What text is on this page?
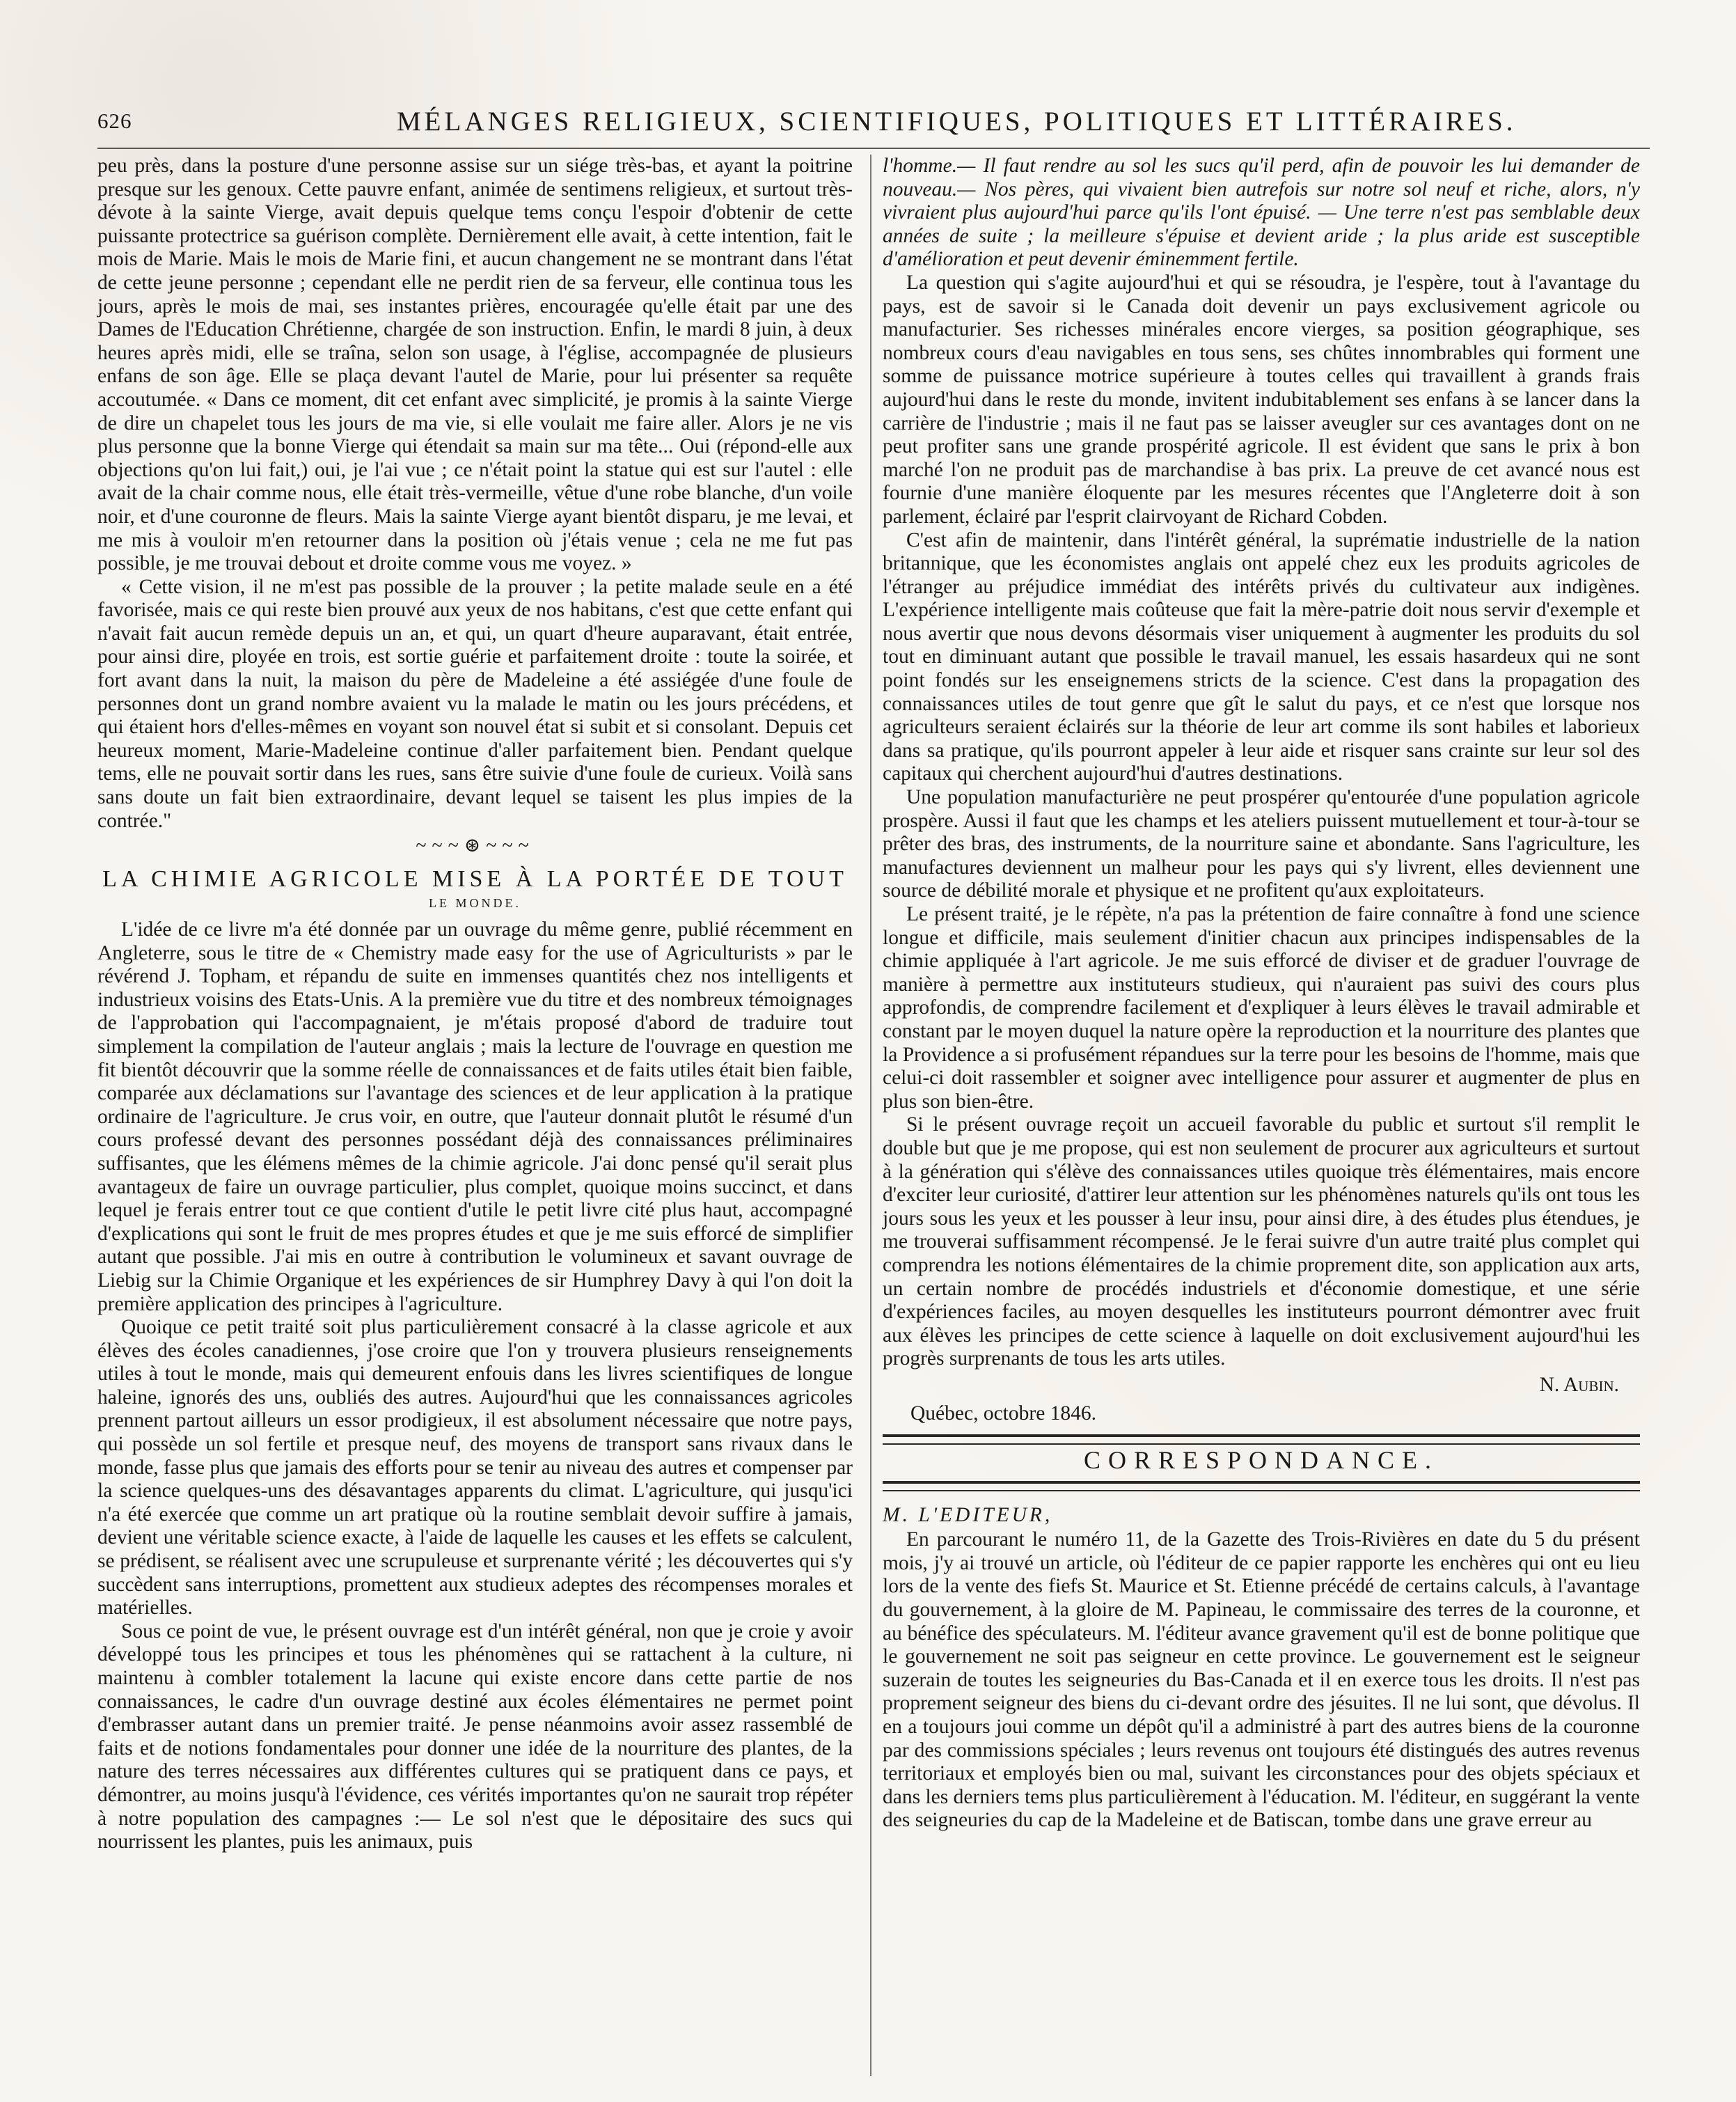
626	MÉLANGES RELIGIEUX, SCIENTIFIQUES, POLITIQUES ET LITTÉRAIRES.

peu près, dans la posture d'une personne assise sur un siége très-bas, et ayant la poitrine presque sur les genoux. Cette pauvre enfant, animée de sentimens religieux, et surtout très-dévote à la sainte Vierge, avait depuis quelque tems conçu l'espoir d'obtenir de cette puissante protectrice sa guérison complète. Dernièrement elle avait, à cette intention, fait le mois de Marie. Mais le mois de Marie fini, et aucun changement ne se montrant dans l'état de cette jeune personne ; cependant elle ne perdit rien de sa ferveur, elle continua tous les jours, après le mois de mai, ses instantes prières, encouragée qu'elle était par une des Dames de l'Education Chrétienne, chargée de son instruction. Enfin, le mardi 8 juin, à deux heures après midi, elle se traîna, selon son usage, à l'église, accompagnée de plusieurs enfans de son âge. Elle se plaça devant l'autel de Marie, pour lui présenter sa requête accoutumée. « Dans ce moment, dit cet enfant avec simplicité, je promis à la sainte Vierge de dire un chapelet tous les jours de ma vie, si elle voulait me faire aller. Alors je ne vis plus personne que la bonne Vierge qui étendait sa main sur ma tête... Oui (répond-elle aux objections qu'on lui fait,) oui, je l'ai vue ; ce n'était point la statue qui est sur l'autel : elle avait de la chair comme nous, elle était très-vermeille, vêtue d'une robe blanche, d'un voile noir, et d'une couronne de fleurs. Mais la sainte Vierge ayant bientôt disparu, je me levai, et me mis à vouloir m'en retourner dans la position où j'étais venue ; cela ne me fut pas possible, je me trouvai debout et droite comme vous me voyez. »

« Cette vision, il ne m'est pas possible de la prouver ; la petite malade seule en a été favorisée, mais ce qui reste bien prouvé aux yeux de nos habitans, c'est que cette enfant qui n'avait fait aucun remède depuis un an, et qui, un quart d'heure auparavant, était entrée, pour ainsi dire, ployée en trois, est sortie guérie et parfaitement droite : toute la soirée, et fort avant dans la nuit, la maison du père de Madeleine a été assiégée d'une foule de personnes dont un grand nombre avaient vu la malade le matin ou les jours précédens, et qui étaient hors d'elles-mêmes en voyant son nouvel état si subit et si consolant. Depuis cet heureux moment, Marie-Madeleine continue d'aller parfaitement bien. Pendant quelque tems, elle ne pouvait sortir dans les rues, sans être suivie d'une foule de curieux. Voilà sans sans doute un fait bien extraordinaire, devant lequel se taisent les plus impies de la contrée."

~~~⊛~~~
LA CHIMIE AGRICOLE MISE À LA PORTÉE DE TOUT
LE MONDE.

L'idée de ce livre m'a été donnée par un ouvrage du même genre, publié récemment en Angleterre, sous le titre de « Chemistry made easy for the use of Agriculturists » par le révérend J. Topham, et répandu de suite en immenses quantités chez nos intelligents et industrieux voisins des Etats-Unis. A la première vue du titre et des nombreux témoignages de l'approbation qui l'accompagnaient, je m'étais proposé d'abord de traduire tout simplement la compilation de l'auteur anglais ; mais la lecture de l'ouvrage en question me fit bientôt découvrir que la somme réelle de connaissances et de faits utiles était bien faible, comparée aux déclamations sur l'avantage des sciences et de leur application à la pratique ordinaire de l'agriculture. Je crus voir, en outre, que l'auteur donnait plutôt le résumé d'un cours professé devant des personnes possédant déjà des connaissances préliminaires suffisantes, que les élémens mêmes de la chimie agricole. J'ai donc pensé qu'il serait plus avantageux de faire un ouvrage particulier, plus complet, quoique moins succinct, et dans lequel je ferais entrer tout ce que contient d'utile le petit livre cité plus haut, accompagné d'explications qui sont le fruit de mes propres études et que je me suis efforcé de simplifier autant que possible. J'ai mis en outre à contribution le volumineux et savant ouvrage de Liebig sur la Chimie Organique et les expériences de sir Humphrey Davy à qui l'on doit la première application des principes à l'agriculture.

Quoique ce petit traité soit plus particulièrement consacré à la classe agricole et aux élèves des écoles canadiennes, j'ose croire que l'on y trouvera plusieurs renseignements utiles à tout le monde, mais qui demeurent enfouis dans les livres scientifiques de longue haleine, ignorés des uns, oubliés des autres. Aujourd'hui que les connaissances agricoles prennent partout ailleurs un essor prodigieux, il est absolument nécessaire que notre pays, qui possède un sol fertile et presque neuf, des moyens de transport sans rivaux dans le monde, fasse plus que jamais des efforts pour se tenir au niveau des autres et compenser par la science quelques-uns des désavantages apparents du climat. L'agriculture, qui jusqu'ici n'a été exercée que comme un art pratique où la routine semblait devoir suffire à jamais, devient une véritable science exacte, à l'aide de laquelle les causes et les effets se calculent, se prédisent, se réalisent avec une scrupuleuse et surprenante vérité ; les découvertes qui s'y succèdent sans interruptions, promettent aux studieux adeptes des récompenses morales et matérielles.

Sous ce point de vue, le présent ouvrage est d'un intérêt général, non que je croie y avoir développé tous les principes et tous les phénomènes qui se rattachent à la culture, ni maintenu à combler totalement la lacune qui existe encore dans cette partie de nos connaissances, le cadre d'un ouvrage destiné aux écoles élémentaires ne permet point d'embrasser autant dans un premier traité. Je pense néanmoins avoir assez rassemblé de faits et de notions fondamentales pour donner une idée de la nourriture des plantes, de la nature des terres nécessaires aux différentes cultures qui se pratiquent dans ce pays, et démontrer, au moins jusqu'à l'évidence, ces vérités importantes qu'on ne saurait trop répéter à notre population des campagnes :— Le sol n'est que le dépositaire des sucs qui nourrissent les plantes, puis les animaux, puis

l'homme.— Il faut rendre au sol les sucs qu'il perd, afin de pouvoir les lui demander de nouveau.— Nos pères, qui vivaient bien autrefois sur notre sol neuf et riche, alors, n'y vivraient plus aujourd'hui parce qu'ils l'ont épuisé. — Une terre n'est pas semblable deux années de suite ; la meilleure s'épuise et devient aride ; la plus aride est susceptible d'amélioration et peut devenir éminemment fertile.

La question qui s'agite aujourd'hui et qui se résoudra, je l'espère, tout à l'avantage du pays, est de savoir si le Canada doit devenir un pays exclusivement agricole ou manufacturier. Ses richesses minérales encore vierges, sa position géographique, ses nombreux cours d'eau navigables en tous sens, ses chûtes innombrables qui forment une somme de puissance motrice supérieure à toutes celles qui travaillent à grands frais aujourd'hui dans le reste du monde, invitent indubitablement ses enfans à se lancer dans la carrière de l'industrie ; mais il ne faut pas se laisser aveugler sur ces avantages dont on ne peut profiter sans une grande prospérité agricole. Il est évident que sans le prix à bon marché l'on ne produit pas de marchandise à bas prix. La preuve de cet avancé nous est fournie d'une manière éloquente par les mesures récentes que l'Angleterre doit à son parlement, éclairé par l'esprit clairvoyant de Richard Cobden.

C'est afin de maintenir, dans l'intérêt général, la suprématie industrielle de la nation britannique, que les économistes anglais ont appelé chez eux les produits agricoles de l'étranger au préjudice immédiat des intérêts privés du cultivateur aux indigènes. L'expérience intelligente mais coûteuse que fait la mère-patrie doit nous servir d'exemple et nous avertir que nous devons désormais viser uniquement à augmenter les produits du sol tout en diminuant autant que possible le travail manuel, les essais hasardeux qui ne sont point fondés sur les enseignemens stricts de la science. C'est dans la propagation des connaissances utiles de tout genre que gît le salut du pays, et ce n'est que lorsque nos agriculteurs seraient éclairés sur la théorie de leur art comme ils sont habiles et laborieux dans sa pratique, qu'ils pourront appeler à leur aide et risquer sans crainte sur leur sol des capitaux qui cherchent aujourd'hui d'autres destinations.

Une population manufacturière ne peut prospérer qu'entourée d'une population agricole prospère. Aussi il faut que les champs et les ateliers puissent mutuellement et tour-à-tour se prêter des bras, des instruments, de la nourriture saine et abondante. Sans l'agriculture, les manufactures deviennent un malheur pour les pays qui s'y livrent, elles deviennent une source de débilité morale et physique et ne profitent qu'aux exploitateurs.

Le présent traité, je le répète, n'a pas la prétention de faire connaître à fond une science longue et difficile, mais seulement d'initier chacun aux principes indispensables de la chimie appliquée à l'art agricole. Je me suis efforcé de diviser et de graduer l'ouvrage de manière à permettre aux instituteurs studieux, qui n'auraient pas suivi des cours plus approfondis, de comprendre facilement et d'expliquer à leurs élèves le travail admirable et constant par le moyen duquel la nature opère la reproduction et la nourriture des plantes que la Providence a si profusément répandues sur la terre pour les besoins de l'homme, mais que celui-ci doit rassembler et soigner avec intelligence pour assurer et augmenter de plus en plus son bien-être.

Si le présent ouvrage reçoit un accueil favorable du public et surtout s'il remplit le double but que je me propose, qui est non seulement de procurer aux agriculteurs et surtout à la génération qui s'élève des connaissances utiles quoique très élémentaires, mais encore d'exciter leur curiosité, d'attirer leur attention sur les phénomènes naturels qu'ils ont tous les jours sous les yeux et les pousser à leur insu, pour ainsi dire, à des études plus étendues, je me trouverai suffisamment récompensé. Je le ferai suivre d'un autre traité plus complet qui comprendra les notions élémentaires de la chimie proprement dite, son application aux arts, un certain nombre de procédés industriels et d'économie domestique, et une série d'expériences faciles, au moyen desquelles les instituteurs pourront démontrer avec fruit aux élèves les principes de cette science à laquelle on doit exclusivement aujourd'hui les progrès surprenants de tous les arts utiles.

N. Aubin.

Québec, octobre 1846.

CORRESPONDANCE.

M. L'EDITEUR,

En parcourant le numéro 11, de la Gazette des Trois-Rivières en date du 5 du présent mois, j'y ai trouvé un article, où l'éditeur de ce papier rapporte les enchères qui ont eu lieu lors de la vente des fiefs St. Maurice et St. Etienne précédé de certains calculs, à l'avantage du gouvernement, à la gloire de M. Papineau, le commissaire des terres de la couronne, et au bénéfice des spéculateurs. M. l'éditeur avance gravement qu'il est de bonne politique que le gouvernement ne soit pas seigneur en cette province. Le gouvernement est le seigneur suzerain de toutes les seigneuries du Bas-Canada et il en exerce tous les droits. Il n'est pas proprement seigneur des biens du ci-devant ordre des jésuites. Il ne lui sont, que dévolus. Il en a toujours joui comme un dépôt qu'il a administré à part des autres biens de la couronne par des commissions spéciales ; leurs revenus ont toujours été distingués des autres revenus territoriaux et employés bien ou mal, suivant les circonstances pour des objets spéciaux et dans les derniers tems plus particulièrement à l'éducation. M. l'éditeur, en suggérant la vente des seigneuries du cap de la Madeleine et de Batiscan, tombe dans une grave erreur au
